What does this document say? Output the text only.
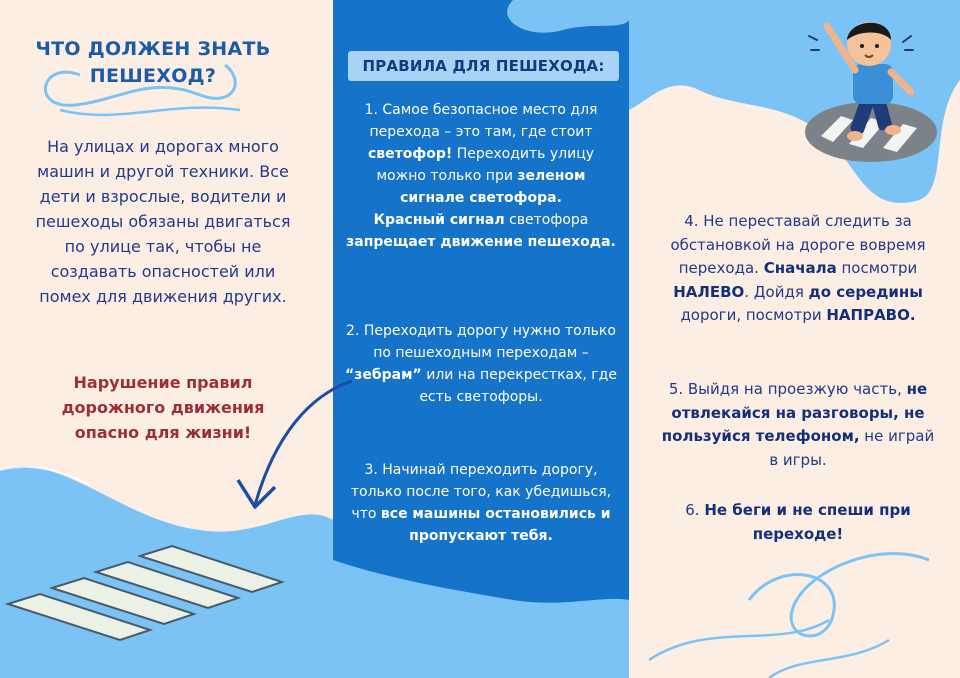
ЧТО ДОЛЖЕН ЗНАТЬ
ПЕШЕХОД?
На улицах и дорогах много машин и другой техники. Все дети и взрослые, водители и пешеходы обязаны двигаться по улице так, чтобы не создавать опасностей или помех для движения других.
Нарушение правил дорожного движения опасно для жизни!
ПРАВИЛА ДЛЯ ПЕШЕХОДА:
1. Самое безопасное место для перехода – это там, где стоит светофор! Переходить улицу можно только при зеленом сигнале светофора.
Красный сигнал светофора запрещает движение пешехода.
2. Переходить дорогу нужно только по пешеходным переходам – “зебрам” или на перекрестках, где есть светофоры.
3. Начинай переходить дорогу, только после того, как убедишься, что все машины остановились и пропускают тебя.
4. Не переставай следить за обстановкой на дороге вовремя перехода. Сначала посмотри НАЛЕВО. Дойдя до середины дороги, посмотри НАПРАВО.
5. Выйдя на проезжую часть, не отвлекайся на разговоры, не пользуйся телефоном, не играй в игры.
6. Не беги и не спеши при переходе!
